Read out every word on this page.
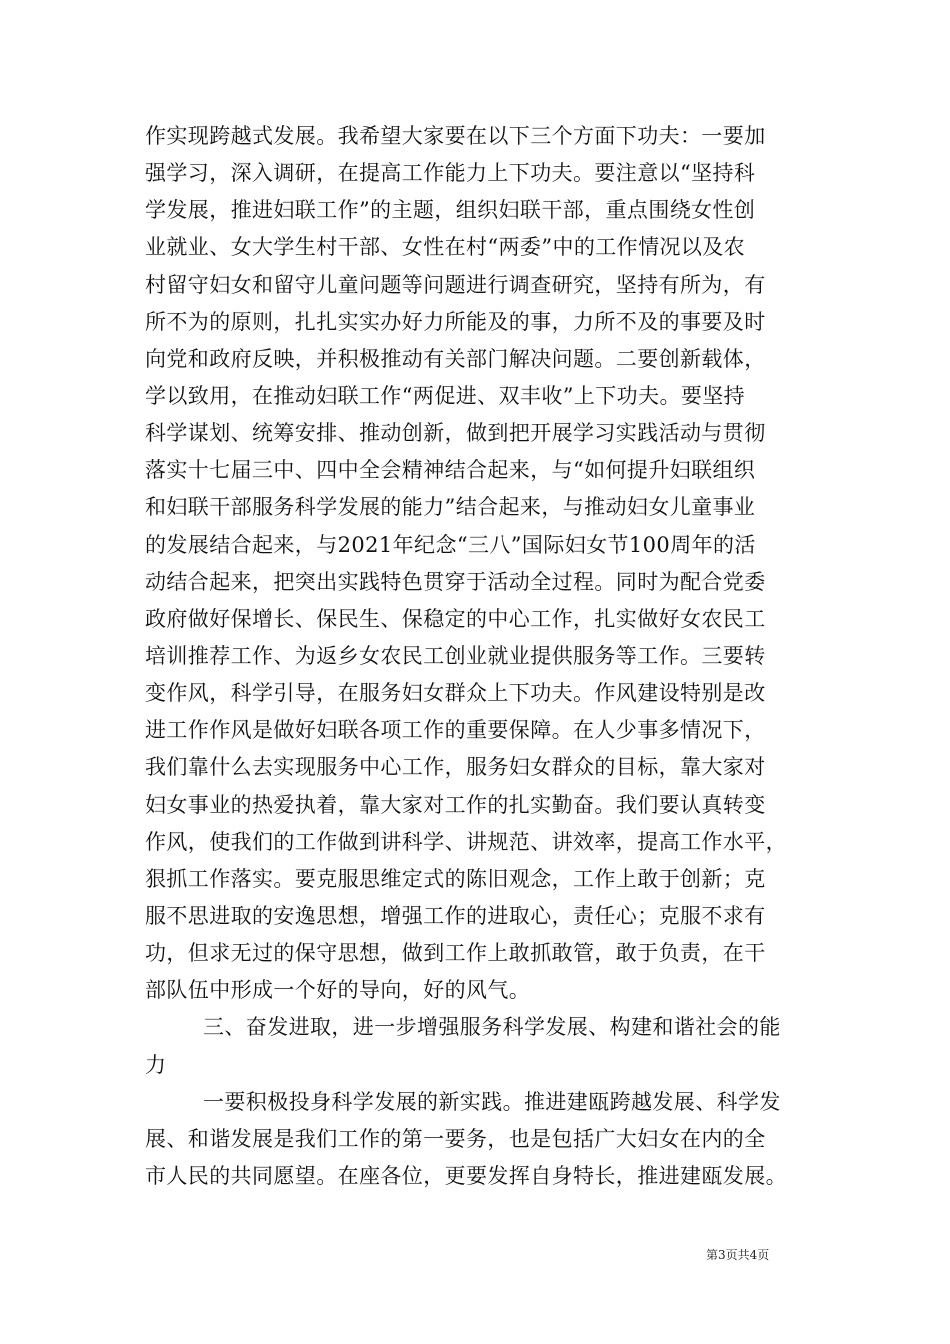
作实现跨越式发展。我希望大家要在以下三个方面下功夫：一要加
强学习，深入调研，在提高工作能力上下功夫。要注意以“坚持科
学发展，推进妇联工作”的主题，组织妇联干部，重点围绕女性创
业就业、女大学生村干部、女性在村“两委”中的工作情况以及农
村留守妇女和留守儿童问题等问题进行调查研究，坚持有所为，有
所不为的原则，扎扎实实办好力所能及的事，力所不及的事要及时
向党和政府反映，并积极推动有关部门解决问题。二要创新载体，
学以致用，在推动妇联工作“两促进、双丰收”上下功夫。要坚持
科学谋划、统筹安排、推动创新，做到把开展学习实践活动与贯彻
落实十七届三中、四中全会精神结合起来，与“如何提升妇联组织
和妇联干部服务科学发展的能力”结合起来，与推动妇女儿童事业
的发展结合起来，与2021年纪念“三八”国际妇女节100周年的活
动结合起来，把突出实践特色贯穿于活动全过程。同时为配合党委
政府做好保增长、保民生、保稳定的中心工作，扎实做好女农民工
培训推荐工作、为返乡女农民工创业就业提供服务等工作。三要转
变作风，科学引导，在服务妇女群众上下功夫。作风建设特别是改
进工作作风是做好妇联各项工作的重要保障。在人少事多情况下，
我们靠什么去实现服务中心工作，服务妇女群众的目标，靠大家对
妇女事业的热爱执着，靠大家对工作的扎实勤奋。我们要认真转变
作风，使我们的工作做到讲科学、讲规范、讲效率，提高工作水平，
狠抓工作落实。要克服思维定式的陈旧观念，工作上敢于创新；克
服不思进取的安逸思想，增强工作的进取心，责任心；克服不求有
功，但求无过的保守思想，做到工作上敢抓敢管，敢于负责，在干
部队伍中形成一个好的导向，好的风气。
三、奋发进取，进一步增强服务科学发展、构建和谐社会的能
力
一要积极投身科学发展的新实践。推进建瓯跨越发展、科学发
展、和谐发展是我们工作的第一要务，也是包括广大妇女在内的全
市人民的共同愿望。在座各位，更要发挥自身特长，推进建瓯发展。
第3页共4页
